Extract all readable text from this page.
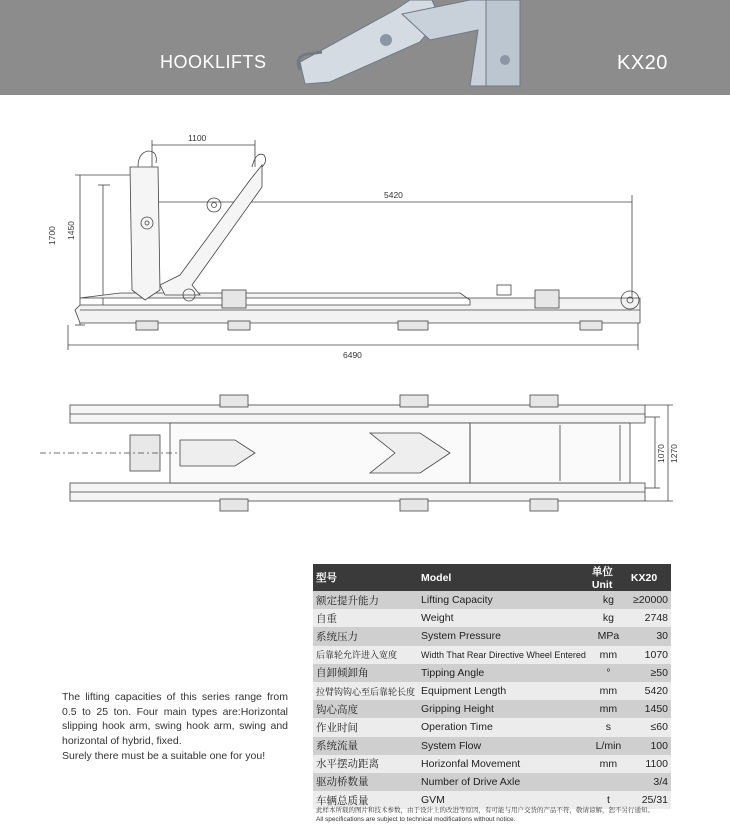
HOOKLIFTS	KX20
1100
5420
1700 1450
6490
1070 1270

The lifting capacities of this series range from 0.5 to 25 ton. Four main types are:Horizontal slipping hook arm, swing hook arm, swing and horizontal of hybrid, fixed.

Surely there must be a suitable one for you!

型号	Model	单位 Unit	KX20
额定提升能力	Lifting Capacity	kg	≥20000
自重	Weight	kg	2748
系统压力	System Pressure	MPa	30
后靠轮允许进入宽度	Width That Rear Directive Wheel Entered	mm	1070
自卸倾卸角	Tipping Angle	°	≥50
拉臂钩钩心至后靠轮长度	Equipment Length	mm	5420
钩心高度	Gripping Height	mm	1450
作业时间	Operation Time	s	≤60
系统流量	System Flow	L/min	100
水平摆动距离	Horizonfal Movement	mm	1100
驱动桥数量	Number of Drive Axle		3/4
车辆总质量	GVM	t	25/31
此样本所载的图片和技术参数，由于设计上的改进等原因，有可能与用户交货的产品不符，敬请谅解，恕不另行通知。
All specifications are subject to technical modifications without notice.
